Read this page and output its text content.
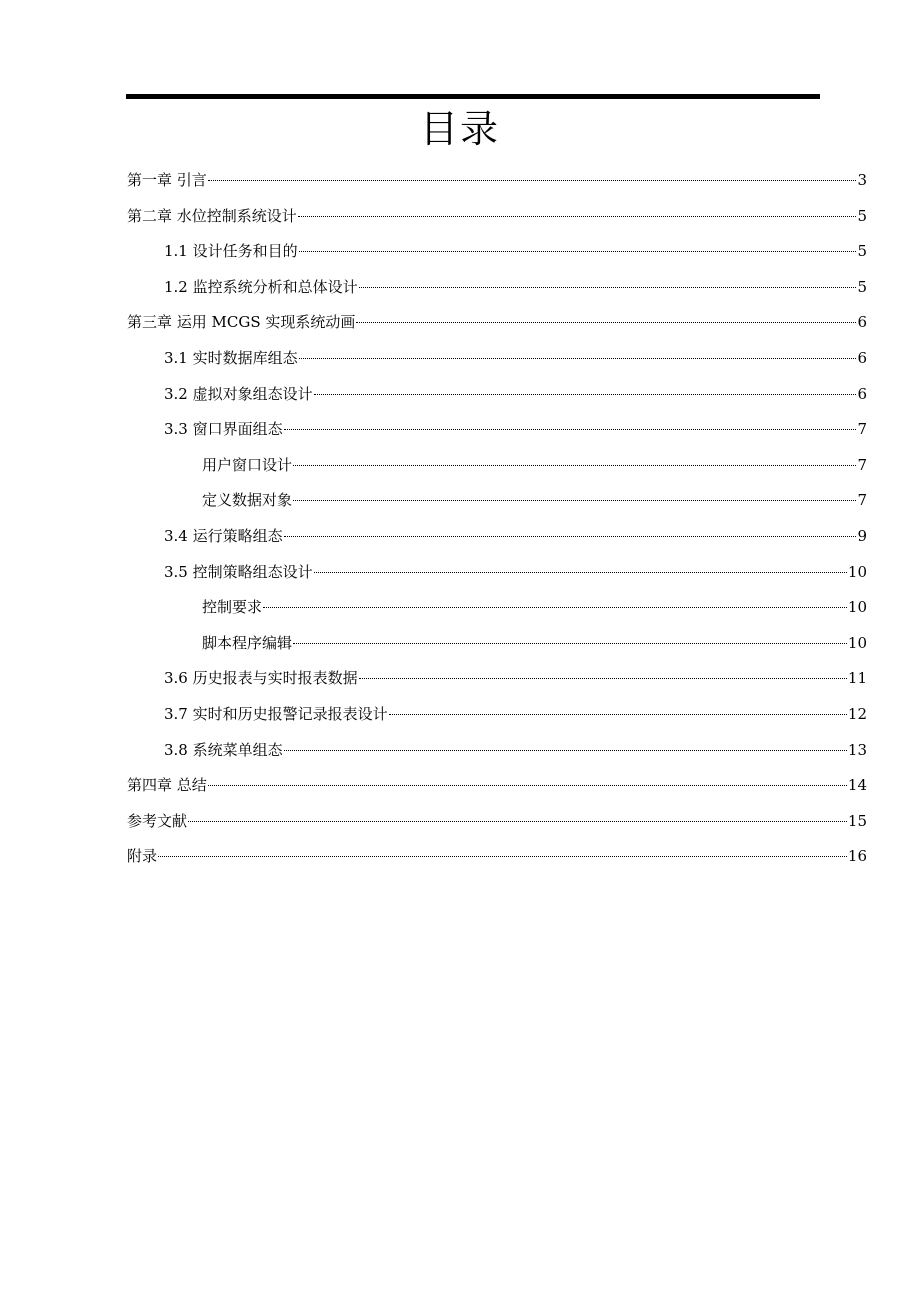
目录
第一章 引言	3
第二章 水位控制系统设计	5
1.1 设计任务和目的	5
1.2 监控系统分析和总体设计	5
第三章 运用 MCGS 实现系统动画	6
3.1 实时数据库组态	6
3.2 虚拟对象组态设计	6
3.3 窗口界面组态	7
用户窗口设计	7
定义数据对象	7
3.4 运行策略组态	9
3.5 控制策略组态设计	10
控制要求	10
脚本程序编辑	10
3.6 历史报表与实时报表数据	11
3.7 实时和历史报警记录报表设计	12
3.8 系统菜单组态	13
第四章 总结	14
参考文献	15
附录	16
